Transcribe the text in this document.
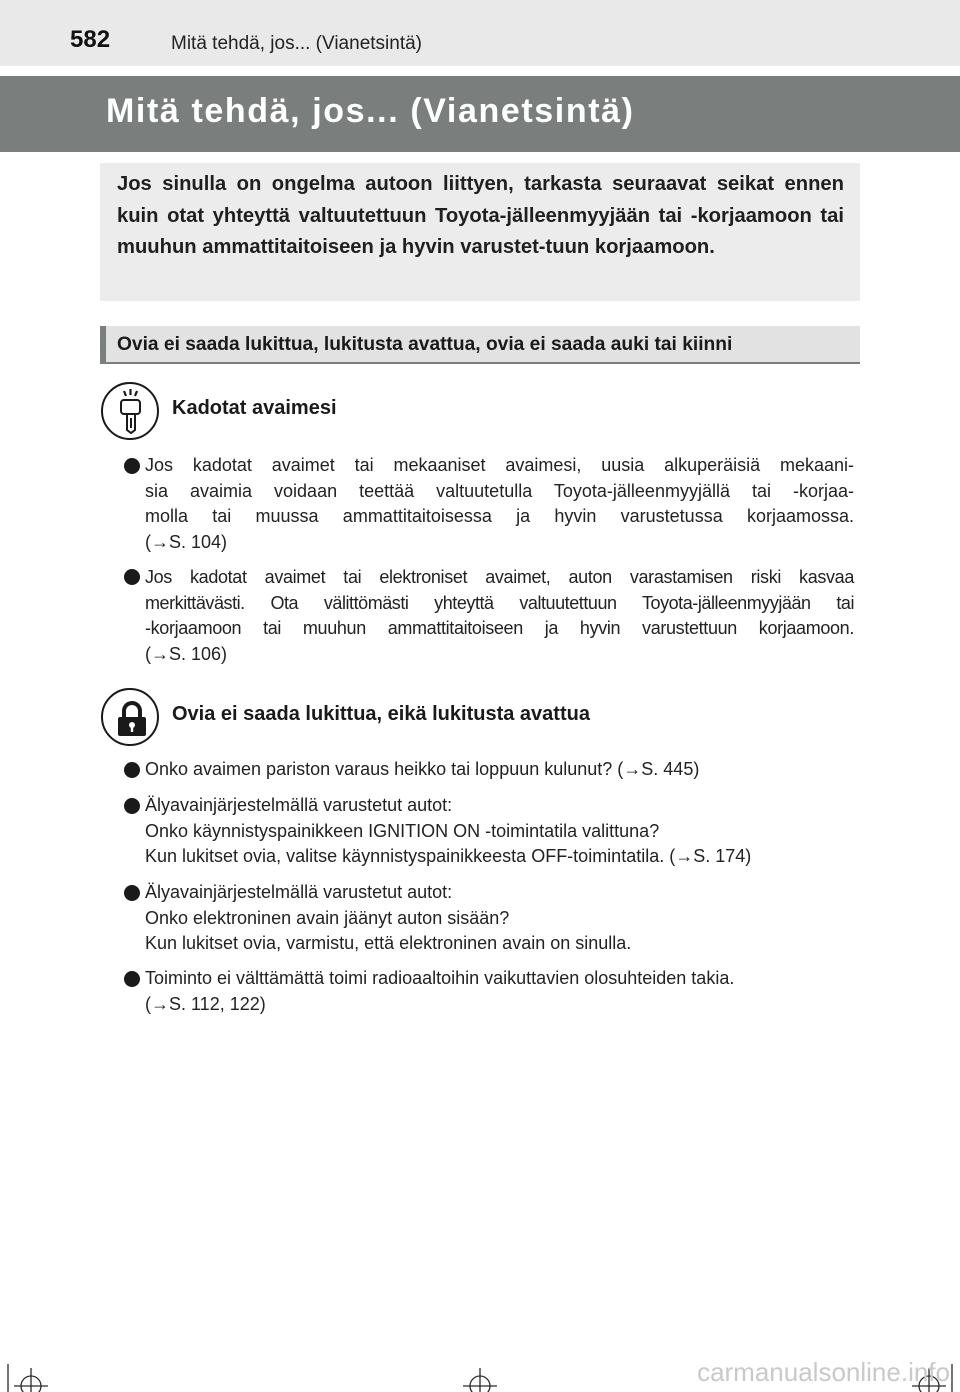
582	Mitä tehdä, jos... (Vianetsintä)
Mitä tehdä, jos... (Vianetsintä)

Jos sinulla on ongelma autoon liittyen, tarkasta seuraavat seikat ennen kuin otat yhteyttä valtuutettuun Toyota-jälleenmyyjään tai -korjaamoon tai muuhun ammattitaitoiseen ja hyvin varustet-tuun korjaamoon.

Ovia ei saada lukittua, lukitusta avattua, ovia ei saada auki tai kiinni
Kadotat avaimesi
Jos kadotat avaimet tai mekaaniset avaimesi, uusia alkuperäisiä mekaani-
sia avaimia voidaan teettää valtuutetulla Toyota-jälleenmyyjällä tai -korjaa-
molla tai muussa ammattitaitoisessa ja hyvin varustetussa korjaamossa.
(→S. 104)
Jos kadotat avaimet tai elektroniset avaimet, auton varastamisen riski kasvaa
merkittävästi. Ota välittömästi yhteyttä valtuutettuun Toyota-jälleenmyyjään tai
-korjaamoon tai muuhun ammattitaitoiseen ja hyvin varustettuun korjaamoon.
(→S. 106)
Ovia ei saada lukittua, eikä lukitusta avattua
Onko avaimen pariston varaus heikko tai loppuun kulunut? (→S. 445)
Älyavainjärjestelmällä varustetut autot:
Onko käynnistyspainikkeen IGNITION ON -toimintatila valittuna?
Kun lukitset ovia, valitse käynnistyspainikkeesta OFF-toimintatila. (→S. 174)
Älyavainjärjestelmällä varustetut autot:
Onko elektroninen avain jäänyt auton sisään?
Kun lukitset ovia, varmistu, että elektroninen avain on sinulla.
Toiminto ei välttämättä toimi radioaaltoihin vaikuttavien olosuhteiden takia.
(→S. 112, 122)
carmanualsonline.info
